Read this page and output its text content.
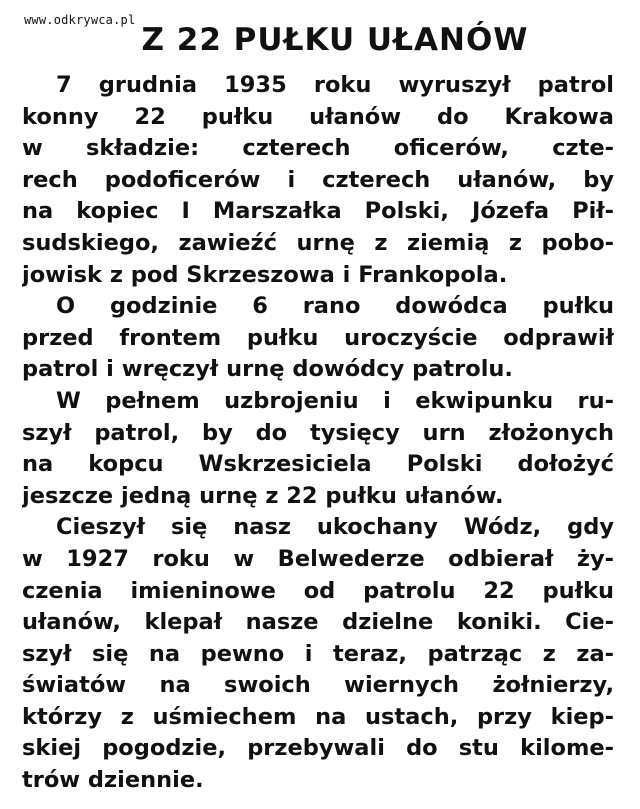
www.odkrywca.pl
Z 22 PUŁKU UŁANÓW
7 grudnia 1935 roku wyruszył patrol
konny 22 pułku ułanów do Krakowa
w składzie: czterech oficerów, czte-
rech podoficerów i czterech ułanów, by
na kopiec I Marszałka Polski, Józefa Pił-
sudskiego, zawieźć urnę z ziemią z pobo-
jowisk z pod Skrzeszowa i Frankopola.
O godzinie 6 rano dowódca pułku
przed frontem pułku uroczyście odprawił
patrol i wręczył urnę dowódcy patrolu.
W pełnem uzbrojeniu i ekwipunku ru-
szył patrol, by do tysięcy urn złożonych
na kopcu Wskrzesiciela Polski dołożyć
jeszcze jedną urnę z 22 pułku ułanów.
Cieszył się nasz ukochany Wódz, gdy
w 1927 roku w Belwederze odbierał ży-
czenia imieninowe od patrolu 22 pułku
ułanów, klepał nasze dzielne koniki. Cie-
szył się na pewno i teraz, patrząc z za-
światów na swoich wiernych żołnierzy,
którzy z uśmiechem na ustach, przy kiep-
skiej pogodzie, przebywali do stu kilome-
trów dziennie.
